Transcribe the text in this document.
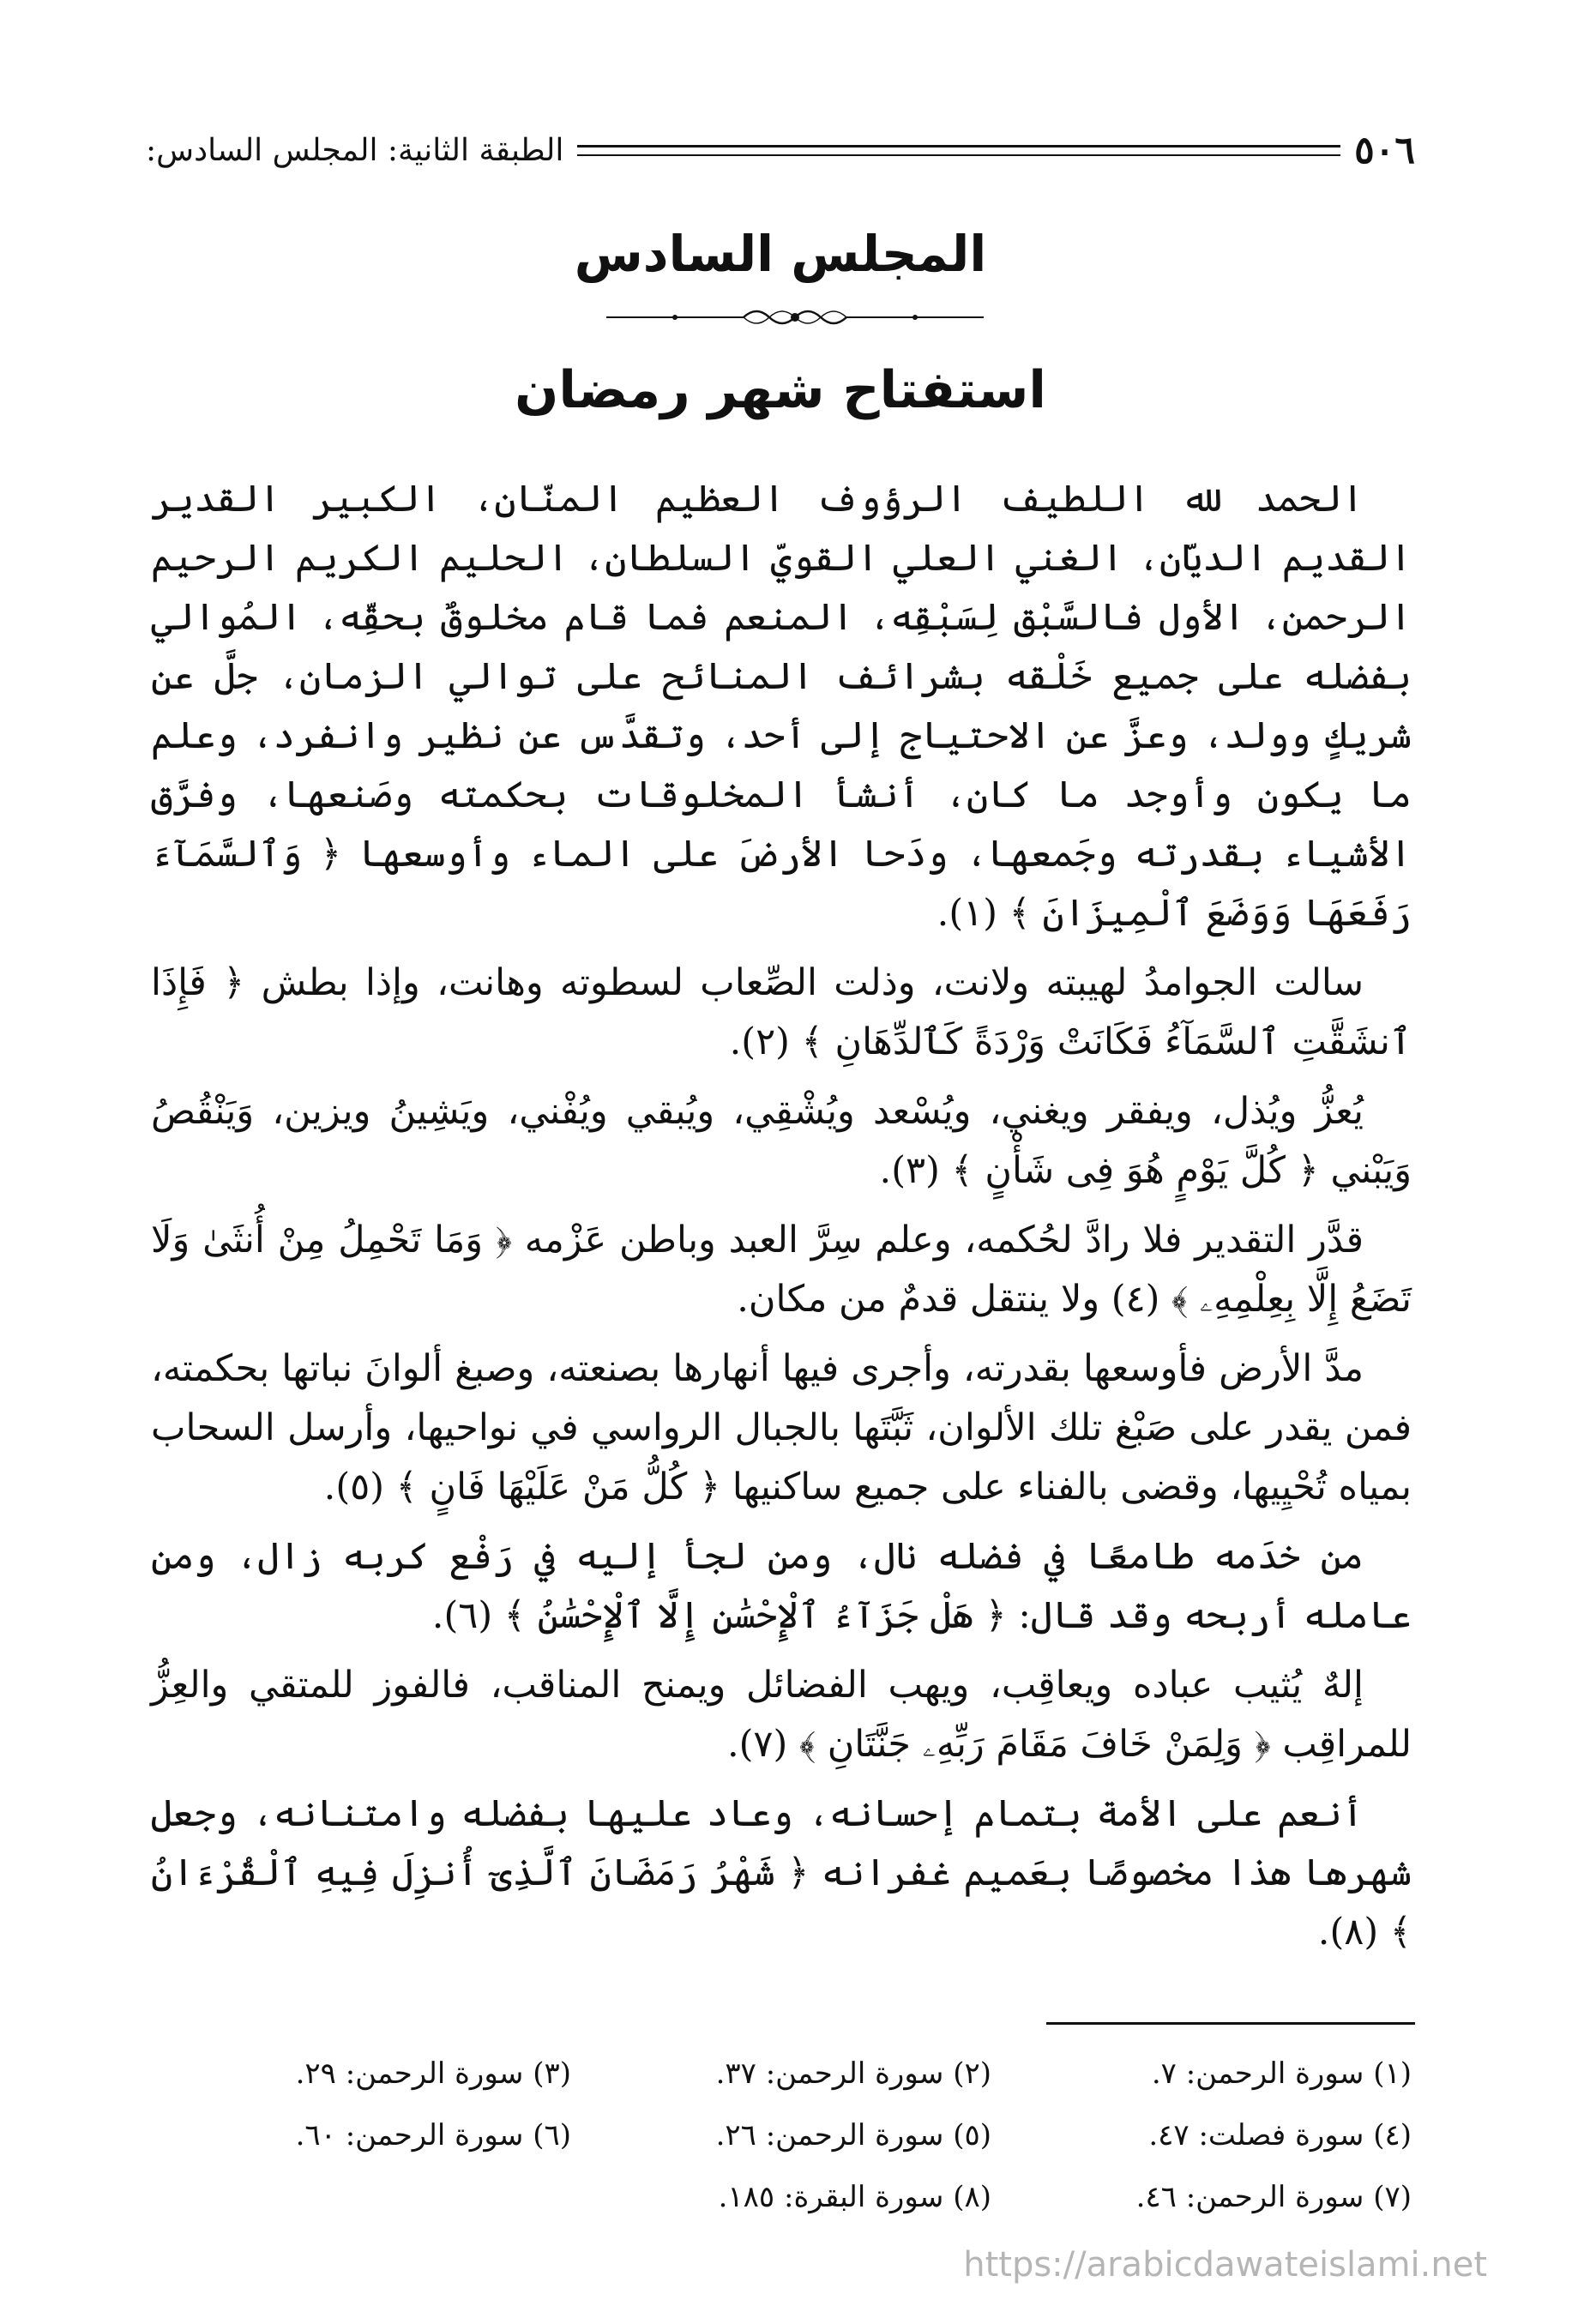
٥٠٦
الطبقة الثانية: المجلس السادس:
المجلس السادس
استفتاح شهر رمضان

الحمد لله اللطيف الرؤوف العظيم المنّان، الكبير القدير القديم الديّان، الغني العلي القويّ السلطان، الحليم الكريم الرحيم الرحمن، الأول فالسَّبْق لِسَبْقِه، المنعم فما قام مخلوقٌ بحقِّه، المُوالي بفضله على جميع خَلْقه بشرائف المنائح على توالي الزمان، جلَّ عن شريكٍ وولد، وعزَّ عن الاحتياج إلى أحد، وتقدَّس عن نظير وانفرد، وعلم ما يكون وأوجد ما كان، أنشأ المخلوقات بحكمته وصَنعها، وفرَّق الأشياء بقدرته وجَمعها، ودَحا الأرضَ على الماء وأوسعها ﴿ وَٱلسَّمَآءَ رَفَعَهَا وَوَضَعَ ٱلْمِيزَانَ ﴾ (١).

سالت الجوامدُ لهيبته ولانت، وذلت الصِّعاب لسطوته وهانت، وإذا بطش ﴿ فَإِذَا ٱنشَقَّتِ ٱلسَّمَآءُ فَكَانَتْ وَرْدَةً كَٱلدِّهَانِ ﴾ (٢).

يُعزُّ ويُذل، ويفقر ويغني، ويُسْعد ويُشْقِي، ويُبقي ويُفْني، ويَشِينُ ويزين، وَيَنْقُصُ وَيَبْني ﴿ كُلَّ يَوْمٍ هُوَ فِى شَأْنٍ ﴾ (٣).

قدَّر التقدير فلا رادَّ لحُكمه، وعلم سِرَّ العبد وباطن عَزْمه ﴿ وَمَا تَحْمِلُ مِنْ أُنثَىٰ وَلَا تَضَعُ إِلَّا بِعِلْمِهِۦ ﴾ (٤) ولا ينتقل قدمٌ من مكان.

مدَّ الأرض فأوسعها بقدرته، وأجرى فيها أنهارها بصنعته، وصبغ ألوانَ نباتها بحكمته، فمن يقدر على صَبْغ تلك الألوان، ثَبَّتَها بالجبال الرواسي في نواحيها، وأرسل السحاب بمياه تُحْيِيها، وقضى بالفناء على جميع ساكنيها ﴿ كُلُّ مَنْ عَلَيْهَا فَانٍ ﴾ (٥).

من خدَمه طامعًا في فضله نال، ومن لجأ إليه في رَفْع كربه زال، ومن عامله أربحه وقد قال: ﴿ هَلْ جَزَآءُ ٱلْإِحْسَٰنِ إِلَّا ٱلْإِحْسَٰنُ ﴾ (٦).

إلهٌ يُثيب عباده ويعاقِب، ويهب الفضائل ويمنح المناقب، فالفوز للمتقي والعِزُّ للمراقِب ﴿ وَلِمَنْ خَافَ مَقَامَ رَبِّهِۦ جَنَّتَانِ ﴾ (٧).

أنعم على الأمة بتمام إحسانه، وعاد عليها بفضله وامتنانه، وجعل شهرها هذا مخصوصًا بعَميم غفرانه ﴿ شَهْرُ رَمَضَانَ ٱلَّذِىٓ أُنزِلَ فِيهِ ٱلْقُرْءَانُ ﴾ (٨).

(١) سورة الرحمن: ٧.
(٢) سورة الرحمن: ٣٧.
(٣) سورة الرحمن: ٢٩.
(٤) سورة فصلت: ٤٧.
(٥) سورة الرحمن: ٢٦.
(٦) سورة الرحمن: ٦٠.
(٧) سورة الرحمن: ٤٦.
(٨) سورة البقرة: ١٨٥.
https://arabicdawateislami.net
